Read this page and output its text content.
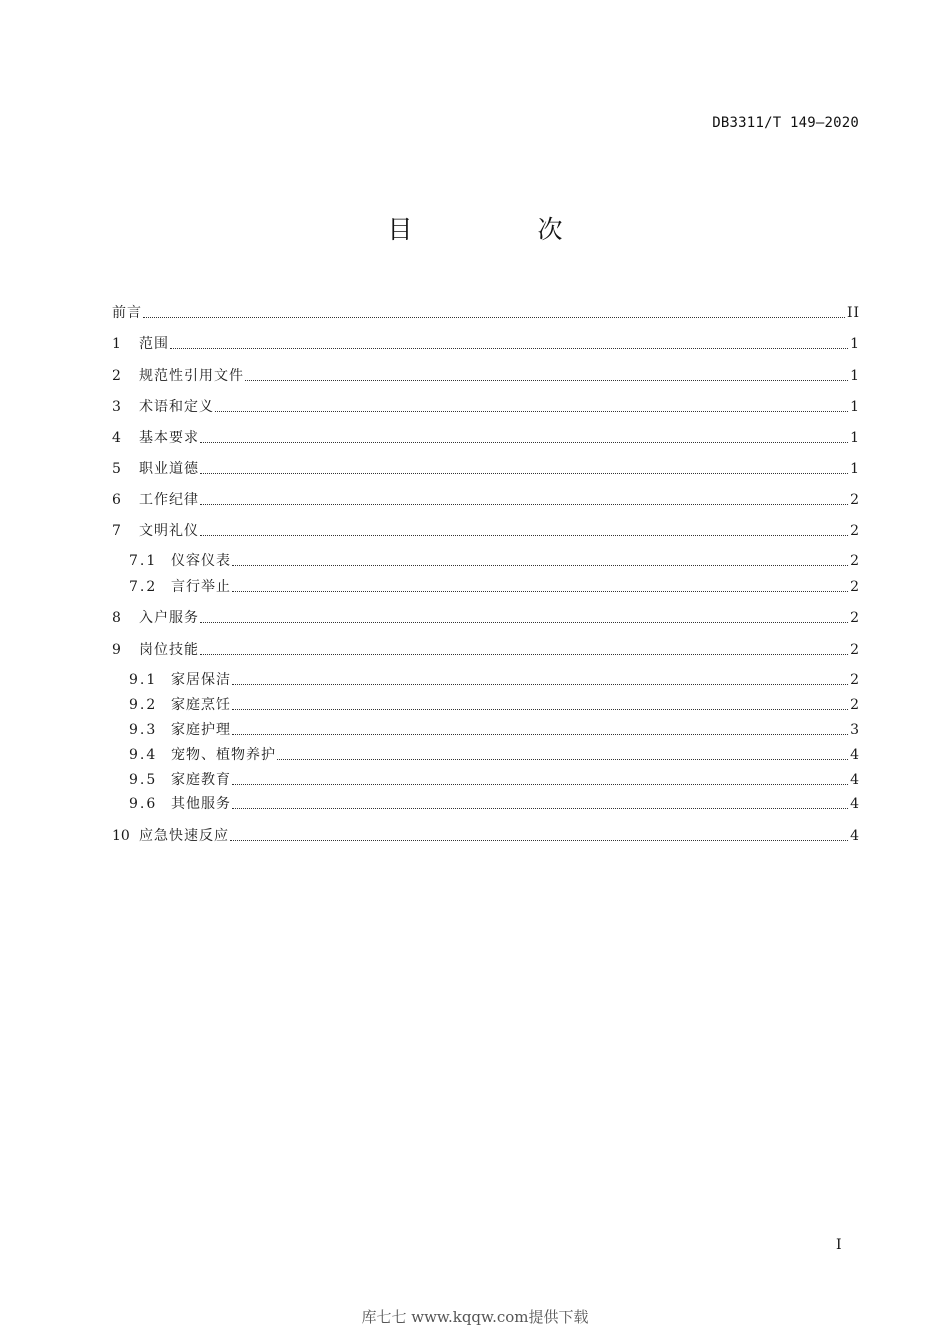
DB3311/T 149—2020
目　次
前言	II
1	范围	1
2	规范性引用文件	1
3	术语和定义	1
4	基本要求	1
5	职业道德	1
6	工作纪律	2
7	文明礼仪	2
7.1 仪容仪表	2
7.2 言行举止	2
8	入户服务	2
9	岗位技能	2
9.1 家居保洁	2
9.2 家庭烹饪	2
9.3 家庭护理	3
9.4 宠物、植物养护	4
9.5 家庭教育	4
9.6 其他服务	4
10 应急快速反应	4
I
库七七 www.kqqw.com提供下载
